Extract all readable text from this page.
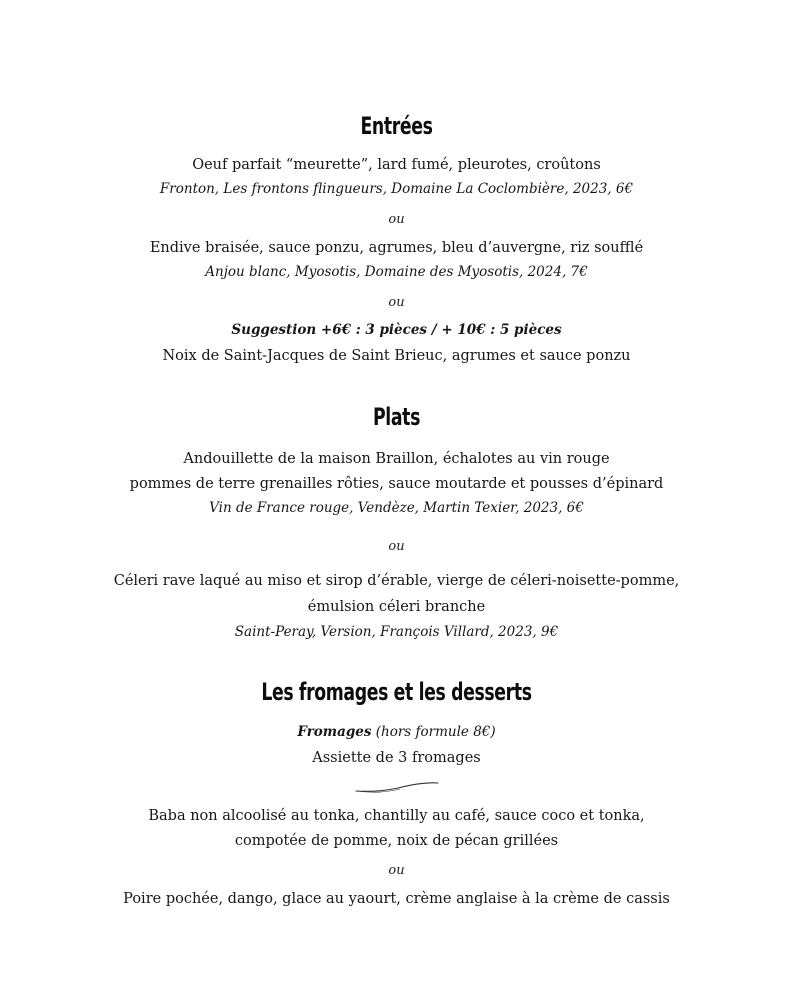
Entrées
Oeuf parfait “meurette”, lard fumé, pleurotes, croûtons
Fronton, Les frontons flingueurs, Domaine La Coclombière, 2023, 6€
ou
Endive braisée, sauce ponzu, agrumes, bleu d’auvergne, riz soufflé
Anjou blanc, Myosotis, Domaine des Myosotis, 2024, 7€
ou
Suggestion +6€ : 3 pièces / + 10€ : 5 pièces
Noix de Saint-Jacques de Saint Brieuc, agrumes et sauce ponzu
Plats
Andouillette de la maison Braillon, échalotes au vin rouge
pommes de terre grenailles rôties, sauce moutarde et pousses d’épinard
Vin de France rouge, Vendèze, Martin Texier, 2023, 6€
ou
Céleri rave laqué au miso et sirop d’érable, vierge de céleri-noisette-pomme,
émulsion céleri branche
Saint-Peray, Version, François Villard, 2023, 9€
Les fromages et les desserts
Fromages (hors formule 8€)
Assiette de 3 fromages
Baba non alcoolisé au tonka, chantilly au café, sauce coco et tonka,
compotée de pomme, noix de pécan grillées
ou
Poire pochée, dango, glace au yaourt, crème anglaise à la crème de cassis
